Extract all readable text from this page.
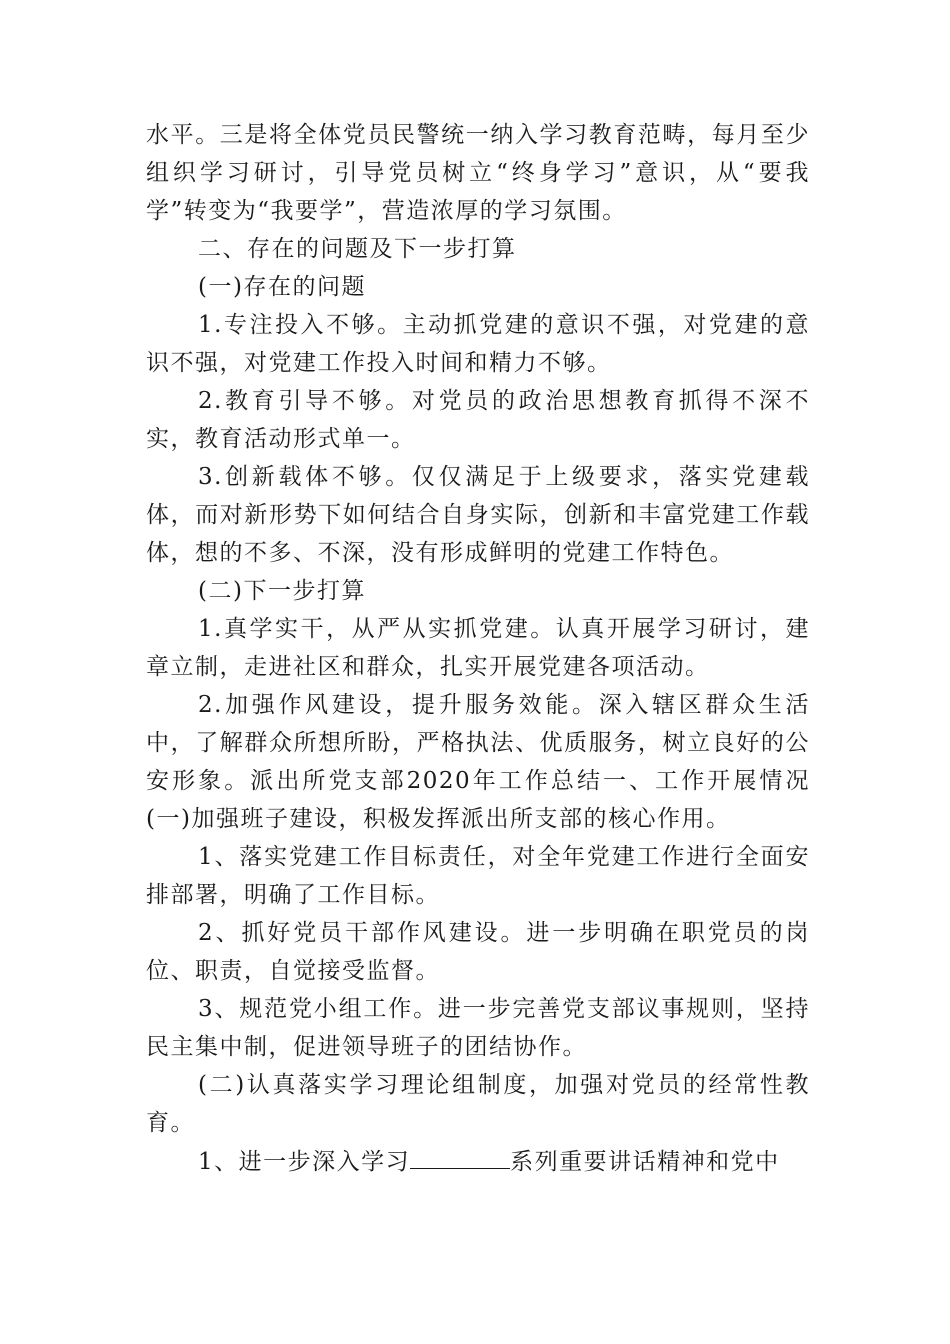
水平。三是将全体党员民警统一纳入学习教育范畴，每月至少组织学习研讨，引导党员树立“终身学习”意识，从“要我学”转变为“我要学”，营造浓厚的学习氛围。

二、存在的问题及下一步打算

(一)存在的问题

1.专注投入不够。主动抓党建的意识不强，对党建的意识不强，对党建工作投入时间和精力不够。

2.教育引导不够。对党员的政治思想教育抓得不深不实，教育活动形式单一。

3.创新载体不够。仅仅满足于上级要求，落实党建载体，而对新形势下如何结合自身实际，创新和丰富党建工作载体，想的不多、不深，没有形成鲜明的党建工作特色。

(二)下一步打算

1.真学实干，从严从实抓党建。认真开展学习研讨，建章立制，走进社区和群众，扎实开展党建各项活动。

2.加强作风建设，提升服务效能。深入辖区群众生活中，了解群众所想所盼，严格执法、优质服务，树立良好的公安形象。派出所党支部2020年工作总结一、工作开展情况 (一)加强班子建设，积极发挥派出所支部的核心作用。

1、落实党建工作目标责任，对全年党建工作进行全面安排部署，明确了工作目标。

2、抓好党员干部作风建设。进一步明确在职党员的岗位、职责，自觉接受监督。

3、规范党小组工作。进一步完善党支部议事规则，坚持民主集中制，促进领导班子的团结协作。

(二)认真落实学习理论组制度，加强对党员的经常性教育。

1、进一步深入学习	系列重要讲话精神和党中
